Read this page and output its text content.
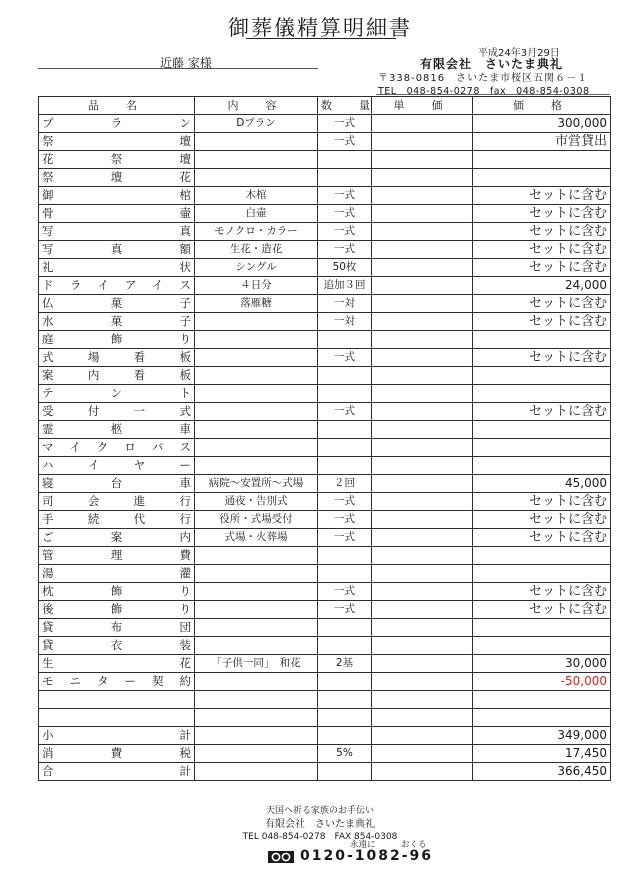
御葬儀精算明細書
近藤 家様
平成24年3月29日
有限会社　さいたま典礼
〒338-0816　さいたま市桜区五関６－１
TEL　048-854-0278　fax　048-854-0308
品　名	内　容	数　量	単　価	価　格
プラン	Dプラン	一式		300,000
祭壇		一式		市営貸出
花祭壇				
祭壇花				
御棺	木棺	一式		セットに含む
骨壷	白壷	一式		セットに含む
写真	モノクロ・カラー	一式		セットに含む
写真額	生花・造花	一式		セットに含む
礼状	シングル	50枚		セットに含む
ドライアイス	４日分	追加３回		24,000
仏菓子	落雁糖	一対		セットに含む
水菓子		一対		セットに含む
庭飾り				
式場看板		一式		セットに含む
案内看板				
テント				
受付一式		一式		セットに含む
霊柩車				
マイクロバス				
ハイヤー				
寝台車	病院～安置所～式場	２回		45,000
司会進行	通夜・告別式	一式		セットに含む
手続代行	役所・式場受付	一式		セットに含む
ご案内	式場・火葬場	一式		セットに含む
管理費				
湯灌				
枕飾り		一式		セットに含む
後飾り		一式		セットに含む
貸布団				
貸衣装				
生花	「子供一同」　和花	2基		30,000
モニター契約				-50,000

小計				349,000
消費税		5%		17,450
合計				366,450
天国へ祈る家族のお手伝い
有限会社　さいたま典礼
TEL 048-854-0278　FAX 854-0308
永遠に　　　おくる
0120-1082-96
